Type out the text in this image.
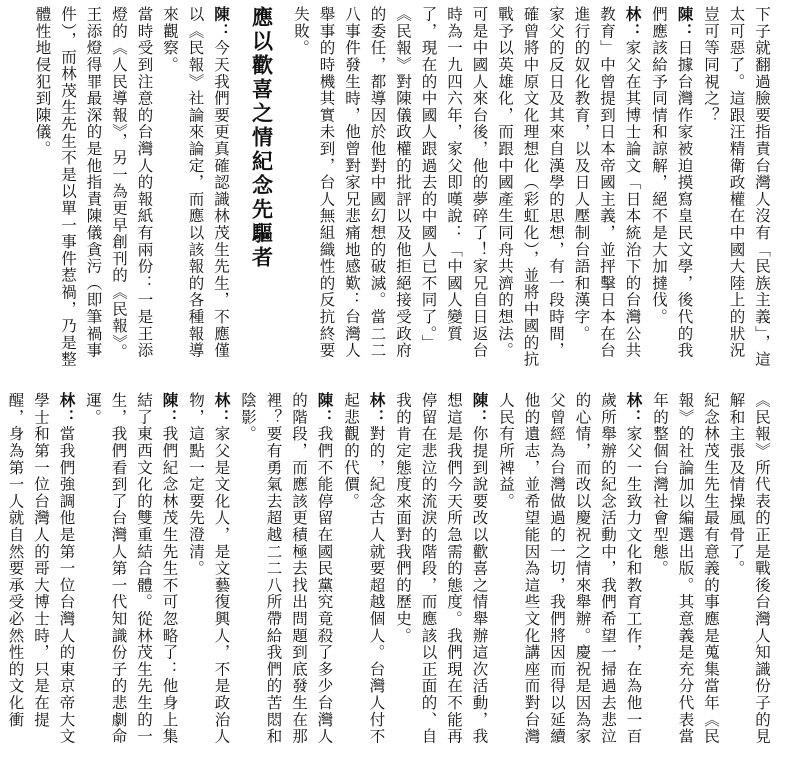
下子就翻過臉要指責台灣人沒有「民族主義」，這太可惡了。這跟汪精衛政權在中國大陸上的狀況豈可等同視之？

陳：日據台灣作家被迫摸寫皇民文學，後代的我們應該給予同情和諒解，絕不是大加撻伐。

林：家父在其博士論文「日本統治下的台灣公共教育」中曾提到日本帝國主義，並抨擊日本在台進行的奴化教育，以及日人壓制台語和漢字。

家父的反日及其來自漢學的思想，有一段時間，確曾將中原文化理想化（彩虹化），並將中國的抗戰予以英雄化，而跟中國產生同舟共濟的想法。可是中國人來台後，他的夢碎了！家兄自日返台時為一九四六年，家父即嘆說：「中國人變質了，現在的中國人跟過去的中國人已不同了。」《民報》對陳儀政權的批評以及他拒絕接受政府的委任，都導因於他對中國幻想的破滅。當二二八事件發生時，他曾對家兄悲痛地感歎：台灣人舉事的時機其實未到，台人無組織性的反抗終要失敗。

應以歡喜之情紀念先驅者

陳：今天我們要更真確認識林茂生先生，不應僅以《民報》社論來論定，而應以該報的各種報導來觀察。

當時受到注意的台灣人的報紙有兩份：一是王添燈的《人民導報》，另一為更早創刊的《民報》。王添燈得罪最深的是他指責陳儀貪污（即筆禍事件），而林茂生先生不是以單一事件惹禍，乃是整體性地侵犯到陳儀。

《民報》所代表的正是戰後台灣人知識份子的見解和主張及情操風骨了。

紀念林茂生先生最有意義的事應是蒐集當年《民報》的社論加以編選出版。其意義是充分代表當年的整個台灣社會型態。

林：家父一生致力文化和教育工作，在為他一百歲所舉辦的紀念活動中，我們希望一掃過去悲泣的心情，而改以慶祝之情來舉辦。慶祝是因為家父曾經為台灣做過的一切，我們將因而得以延續他的遺志，並希望能因為這些文化講座而對台灣人民有所裨益。

陳：你提到說要改以歡喜之情舉辦這次活動，我想這是我們今天所急需的態度。我們現在不能再停留在悲泣的流淚的階段，而應該以正面的、自我的肯定態度來面對我們的歷史。

林：對的，紀念古人就要超越個人。台灣人付不起悲觀的代價。

陳：我們不能停留在國民黨究竟殺了多少台灣人的階段，而應該更積極去找出問題到底發生在那裡？要有勇氣去超越二二八所帶給我們的苦悶和陰影。

林：家父是文化人，是文藝復興人，不是政治人物，這點一定要先澄清。

陳：我們紀念林茂生先生不可忽略了：他身上集結了東西文化的雙重結合體。從林茂生先生的一生，我們看到了台灣人第一代知識份子的悲劇命運。

林：當我們強調他是第一位台灣人的東京帝大文學士和第一位台灣人的哥大博士時，只是在提醒，身為第一人就自然要承受必然性的文化衝
